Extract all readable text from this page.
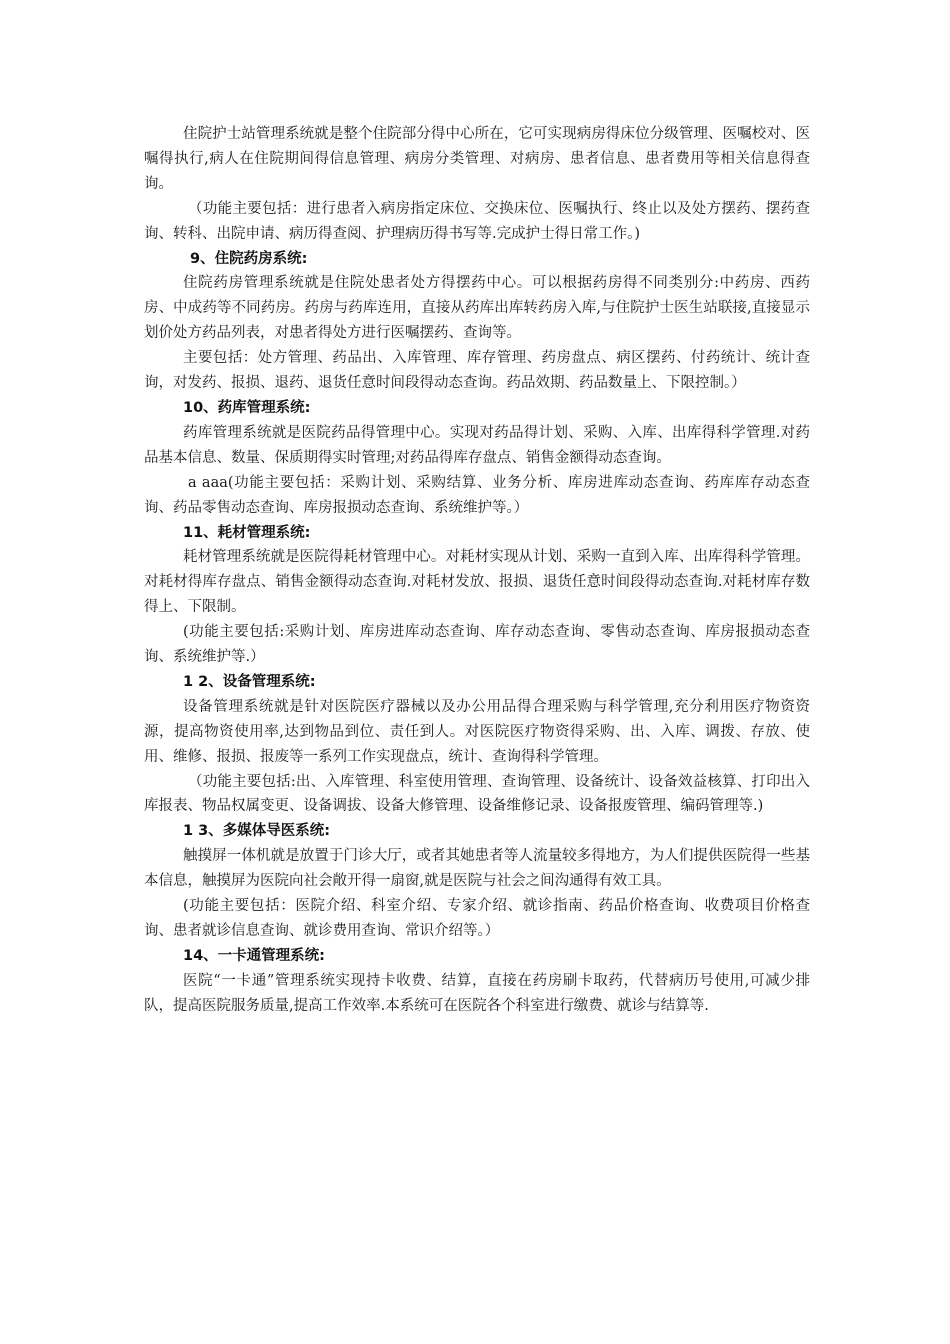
住院护士站管理系统就是整个住院部分得中心所在，它可实现病房得床位分级管理、医嘱校对、医嘱得执行,病人在住院期间得信息管理、病房分类管理、对病房、患者信息、患者费用等相关信息得查询。

（功能主要包括：进行患者入病房指定床位、交换床位、医嘱执行、终止以及处方摆药、摆药查询、转科、出院申请、病历得查阅、护理病历得书写等.完成护士得日常工作。)

9、住院药房系统:

住院药房管理系统就是住院处患者处方得摆药中心。可以根据药房得不同类别分:中药房、西药房、中成药等不同药房。药房与药库连用，直接从药库出库转药房入库,与住院护士医生站联接,直接显示划价处方药品列表，对患者得处方进行医嘱摆药、查询等。

主要包括：处方管理、药品出、入库管理、库存管理、药房盘点、病区摆药、付药统计、统计查询，对发药、报损、退药、退货任意时间段得动态查询。药品效期、药品数量上、下限控制。）

10、药库管理系统:

药库管理系统就是医院药品得管理中心。实现对药品得计划、采购、入库、出库得科学管理.对药品基本信息、数量、保质期得实时管理;对药品得库存盘点、销售金额得动态查询。

a aaa(功能主要包括：采购计划、采购结算、业务分析、库房进库动态查询、药库库存动态查询、药品零售动态查询、库房报损动态查询、系统维护等。）

11、耗材管理系统:

耗材管理系统就是医院得耗材管理中心。对耗材实现从计划、采购一直到入库、出库得科学管理。对耗材得库存盘点、销售金额得动态查询.对耗材发放、报损、退货任意时间段得动态查询.对耗材库存数得上、下限制。

(功能主要包括:采购计划、库房进库动态查询、库存动态查询、零售动态查询、库房报损动态查询、系统维护等.）

1 2、设备管理系统:

设备管理系统就是针对医院医疗器械以及办公用品得合理采购与科学管理,充分利用医疗物资资源，提高物资使用率,达到物品到位、责任到人。对医院医疗物资得采购、出、入库、调拨、存放、使用、维修、报损、报废等一系列工作实现盘点，统计、查询得科学管理。

（功能主要包括:出、入库管理、科室使用管理、查询管理、设备统计、设备效益核算、打印出入库报表、物品权属变更、设备调拔、设备大修管理、设备维修记录、设备报废管理、编码管理等.)

1 3、多媒体导医系统:

触摸屏一体机就是放置于门诊大厅，或者其她患者等人流量较多得地方，为人们提供医院得一些基本信息，触摸屏为医院向社会敞开得一扇窗,就是医院与社会之间沟通得有效工具。

(功能主要包括：医院介绍、科室介绍、专家介绍、就诊指南、药品价格查询、收费项目价格查询、患者就诊信息查询、就诊费用查询、常识介绍等。）

14、一卡通管理系统:

医院“一卡通”管理系统实现持卡收费、结算，直接在药房刷卡取药，代替病历号使用,可减少排队，提高医院服务质量,提高工作效率.本系统可在医院各个科室进行缴费、就诊与结算等.
